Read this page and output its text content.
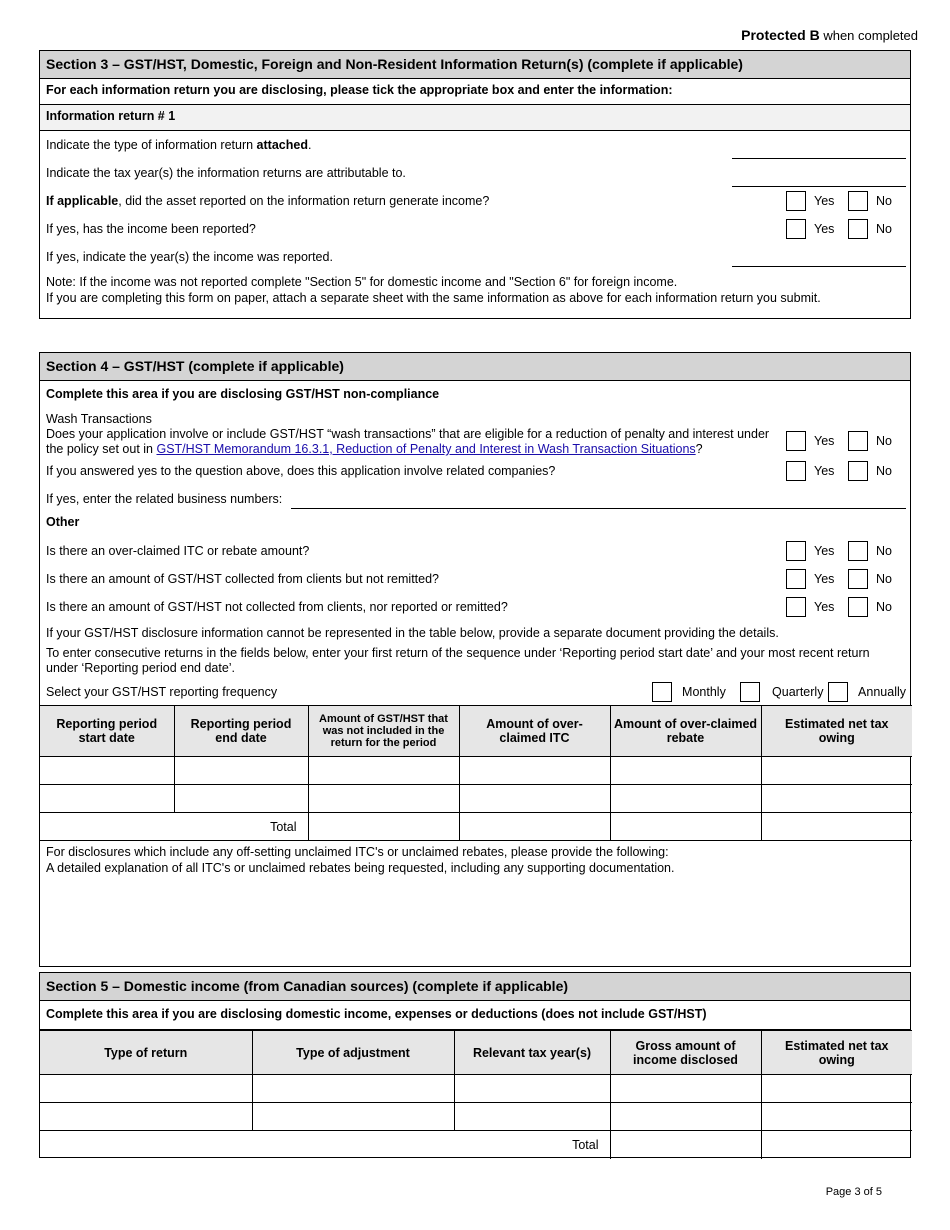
Protected B when completed
Section 3 – GST/HST, Domestic, Foreign and Non-Resident Information Return(s) (complete if applicable)
For each information return you are disclosing, please tick the appropriate box and enter the information:
Information return # 1
Indicate the type of information return attached.
Indicate the tax year(s) the information returns are attributable to.
If applicable, did the asset reported on the information return generate income?	Yes	No
If yes, has the income been reported?	Yes	No
If yes, indicate the year(s) the income was reported.
Note: If the income was not reported complete "Section 5" for domestic income and "Section 6" for foreign income.
If you are completing this form on paper, attach a separate sheet with the same information as above for each information return you submit.
Section 4 – GST/HST (complete if applicable)
Complete this area if you are disclosing GST/HST non-compliance
Wash Transactions
Does your application involve or include GST/HST “wash transactions” that are eligible for a reduction of penalty and interest under
the policy set out in GST/HST Memorandum 16.3.1, Reduction of Penalty and Interest in Wash Transaction Situations?
Yes	No
If you answered yes to the question above, does this application involve related companies?	Yes	No
If yes, enter the related business numbers:
Other
Is there an over-claimed ITC or rebate amount?	Yes	No
Is there an amount of GST/HST collected from clients but not remitted?	Yes	No
Is there an amount of GST/HST not collected from clients, nor reported or remitted?	Yes	No
If your GST/HST disclosure information cannot be represented in the table below, provide a separate document providing the details.
To enter consecutive returns in the fields below, enter your first return of the sequence under ‘Reporting period start date’ and your most recent return under ‘Reporting period end date’.
Select your GST/HST reporting frequency	Monthly	Quarterly	Annually
Reporting period start date	Reporting period end date	Amount of GST/HST that was not included in the return for the period	Amount of over-claimed ITC	Amount of over-claimed rebate	Estimated net tax owing

Total					
For disclosures which include any off-setting unclaimed ITC's or unclaimed rebates, please provide the following:
A detailed explanation of all ITC's or unclaimed rebates being requested, including any supporting documentation.
Section 5 – Domestic income (from Canadian sources) (complete if applicable)
Complete this area if you are disclosing domestic income, expenses or deductions (does not include GST/HST)
Type of return	Type of adjustment	Relevant tax year(s)	Gross amount of income disclosed	Estimated net tax owing

Total				
Page 3 of 5
